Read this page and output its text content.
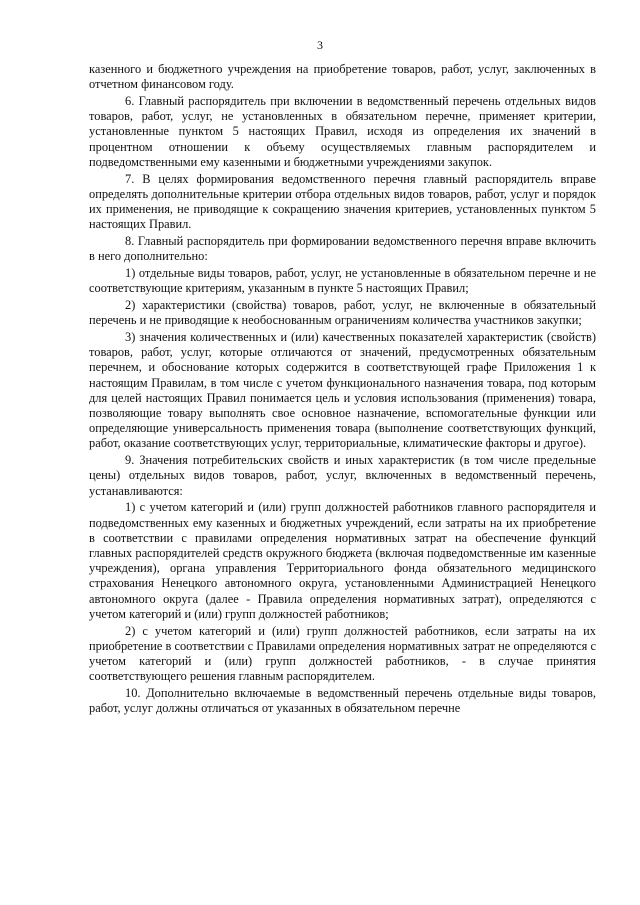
3

казенного и бюджетного учреждения на приобретение товаров, работ, услуг, заключенных в отчетном финансовом году.

6. Главный распорядитель при включении в ведомственный перечень отдельных видов товаров, работ, услуг, не установленных в обязательном перечне, применяет критерии, установленные пунктом 5 настоящих Правил, исходя из определения их значений в процентном отношении к объему осуществляемых главным распорядителем и подведомственными ему казенными и бюджетными учреждениями закупок.

7. В целях формирования ведомственного перечня главный распорядитель вправе определять дополнительные критерии отбора отдельных видов товаров, работ, услуг и порядок их применения, не приводящие к сокращению значения критериев, установленных пунктом 5 настоящих Правил.

8. Главный распорядитель при формировании ведомственного перечня вправе включить в него дополнительно:

1) отдельные виды товаров, работ, услуг, не установленные в обязательном перечне и не соответствующие критериям, указанным в пункте 5 настоящих Правил;

2) характеристики (свойства) товаров, работ, услуг, не включенные в обязательный перечень и не приводящие к необоснованным ограничениям количества участников закупки;

3) значения количественных и (или) качественных показателей характеристик (свойств) товаров, работ, услуг, которые отличаются от значений, предусмотренных обязательным перечнем, и обоснование которых содержится в соответствующей графе Приложения 1 к настоящим Правилам, в том числе с учетом функционального назначения товара, под которым для целей настоящих Правил понимается цель и условия использования (применения) товара, позволяющие товару выполнять свое основное назначение, вспомогательные функции или определяющие универсальность применения товара (выполнение соответствующих функций, работ, оказание соответствующих услуг, территориальные, климатические факторы и другое).

9. Значения потребительских свойств и иных характеристик (в том числе предельные цены) отдельных видов товаров, работ, услуг, включенных в ведомственный перечень, устанавливаются:

1) с учетом категорий и (или) групп должностей работников главного распорядителя и подведомственных ему казенных и бюджетных учреждений, если затраты на их приобретение в соответствии с правилами определения нормативных затрат на обеспечение функций главных распорядителей средств окружного бюджета (включая подведомственные им казенные учреждения), органа управления Территориального фонда обязательного медицинского страхования Ненецкого автономного округа, установленными Администрацией Ненецкого автономного округа (далее - Правила определения нормативных затрат), определяются с учетом категорий и (или) групп должностей работников;

2) с учетом категорий и (или) групп должностей работников, если затраты на их приобретение в соответствии с Правилами определения нормативных затрат не определяются с учетом категорий и (или) групп должностей работников, - в случае принятия соответствующего решения главным распорядителем.

10. Дополнительно включаемые в ведомственный перечень отдельные виды товаров, работ, услуг должны отличаться от указанных в обязательном перечне
